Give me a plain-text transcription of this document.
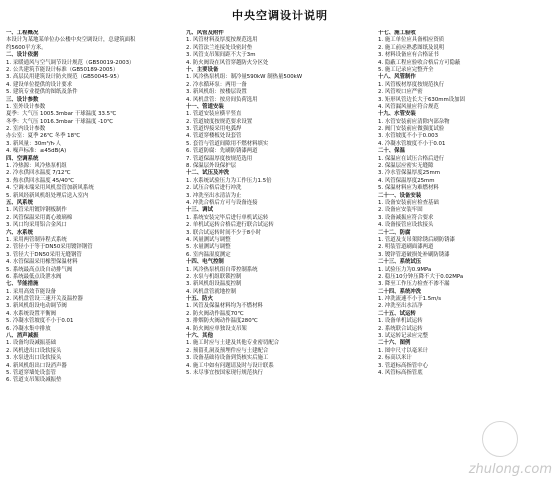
中央空调设计说明
一、工程概况
本设计为某地某单位办公楼中央空调设计，总建筑面积
约5600平方米。
二、设计依据
1. 采暖通风与空气调节设计规范（GB50019-2003）
2. 公共建筑节能设计标准（GB50189-2005）
3. 高层民用建筑设计防火规范（GB50045-95）
4. 建设单位提供的设计要求
5. 建筑专业提供的图纸及条件
三、设计参数
1. 室外设计参数
夏季：大气压 1005.3mbar 干球温度 33.5℃
冬季：大气压 1016.3mbar 干球温度 -10℃
2. 室内设计参数
办公室：夏季 26℃ 冬季 18℃
3. 新风量：30m³/h·人
4. 噪声标准：≤45dB(A)
四、空调系统
1. 冷热源：风冷热泵机组
2. 冷水供回水温度 7/12℃
3. 热水供回水温度 45/40℃
4. 空调末端采用风机盘管加新风系统
5. 新风经新风机组处理后送入室内
五、风系统
1. 风管采用镀锌钢板制作
2. 风管保温采用离心玻璃棉
3. 风口均采用铝合金风口
六、水系统
1. 采用两管制异程式系统
2. 管径小于等于DN50采用镀锌钢管
3. 管径大于DN50采用无缝钢管
4. 水管保温采用橡塑保温材料
5. 系统最高点设自动排气阀
6. 系统最低点设泄水阀
七、节能措施
1. 采用高效节能设备
2. 风机盘管设三速开关及温控器
3. 新风机组设电动调节阀
4. 水系统设置平衡阀
5. 冷凝水管坡度不小于0.01
6. 冷凝水集中排放
八、消声减振
1. 设备均设减振基础
2. 风机进出口设软接头
3. 水泵进出口设软接头
4. 新风机组出口设消声器
5. 管道穿墙处设套管
6. 管道支吊架设减振垫
九、风管及附件
1. 风管材料及厚度按规范选用
2. 风管法兰连接处设密封垫
3. 风管支吊架间距不大于3m
4. 防火阀设在风管穿越防火分区处
十、主要设备
1. 风冷热泵机组：制冷量590kW 制热量500kW
2. 冷水循环泵：两用一备
3. 新风机组：按楼层设置
4. 风机盘管：按房间负荷选用
十一、管道安装
1. 管道安装应横平竖直
2. 管道坡度按规范要求设置
3. 管道焊接采用电弧焊
4. 管道穿楼板处设套管
5. 套管与管道间隙用不燃材料填实
6. 管道防腐：先刷防锈漆两道
7. 管道保温厚度按规范选用
8. 保温层外设保护层
十二、试压及冲洗
1. 水系统试验压力为工作压力1.5倍
2. 试压合格后进行冲洗
3. 冲洗至出水清洁为止
4. 冲洗合格后方可与设备连接
十三、调试
1. 系统安装完毕后进行单机试运转
2. 单机试运转合格后进行联合试运转
3. 联合试运转时间不少于8小时
4. 风量测试与调整
5. 水量测试与调整
6. 室内温湿度测定
十四、电气控制
1. 风冷热泵机组自带控制系统
2. 水泵与机组联锁控制
3. 新风机组设温度控制
4. 风机盘管就地控制
十五、防火
1. 风管及保温材料均为不燃材料
2. 防火阀动作温度70℃
3. 排烟防火阀动作温度280℃
4. 防火阀应单独设支吊架
十六、其他
1. 施工时应与土建及其他专业密切配合
2. 预留孔洞及预埋件应与土建配合
3. 设备基础待设备到货核实后施工
4. 施工中如有问题请及时与设计联系
5. 未尽事宜按国家现行规范执行
十七、施工验收
1. 施工单位应具备相应资质
2. 施工前应熟悉图纸及说明
3. 材料设备应有合格证书
4. 隐蔽工程应验收合格后方可隐蔽
5. 施工记录应完整齐全
十八、风管制作
1. 风管板材厚度按规范执行
2. 风管咬口应严密
3. 矩形风管边长大于630mm设加固
4. 风管漏风量应符合规范
十九、水管安装
1. 水管安装前应清除内部杂物
2. 阀门安装前应做强度试验
3. 水管坡度不小于0.003
4. 冷凝水管坡度不小于0.01
二十、保温
1. 保温应在试压合格后进行
2. 保温层应密实无缝隙
3. 冷水管保温厚度25mm
4. 风管保温厚度25mm
5. 保温材料应为难燃材料
二十一、设备安装
1. 设备安装前应检查基础
2. 设备应安装牢固
3. 设备减振应符合要求
4. 设备接管应设软接头
二十二、防腐
1. 管道及支吊架除锈后刷防锈漆
2. 明装管道刷面漆两道
3. 镀锌管道破损处补刷防锈漆
二十三、系统试压
1. 试验压力为0.9MPa
2. 稳压10分钟压降不大于0.02MPa
3. 降至工作压力检查不渗不漏
二十四、系统冲洗
1. 冲洗流速不小于1.5m/s
2. 冲洗至出水洁净
二十五、试运转
1. 设备单机试运转
2. 系统联合试运转
3. 试运转记录应完整
二十六、图例
1. 图中尺寸以毫米计
2. 标高以米计
3. 管道标高指管中心
4. 风管标高指管底
zhulong.com
